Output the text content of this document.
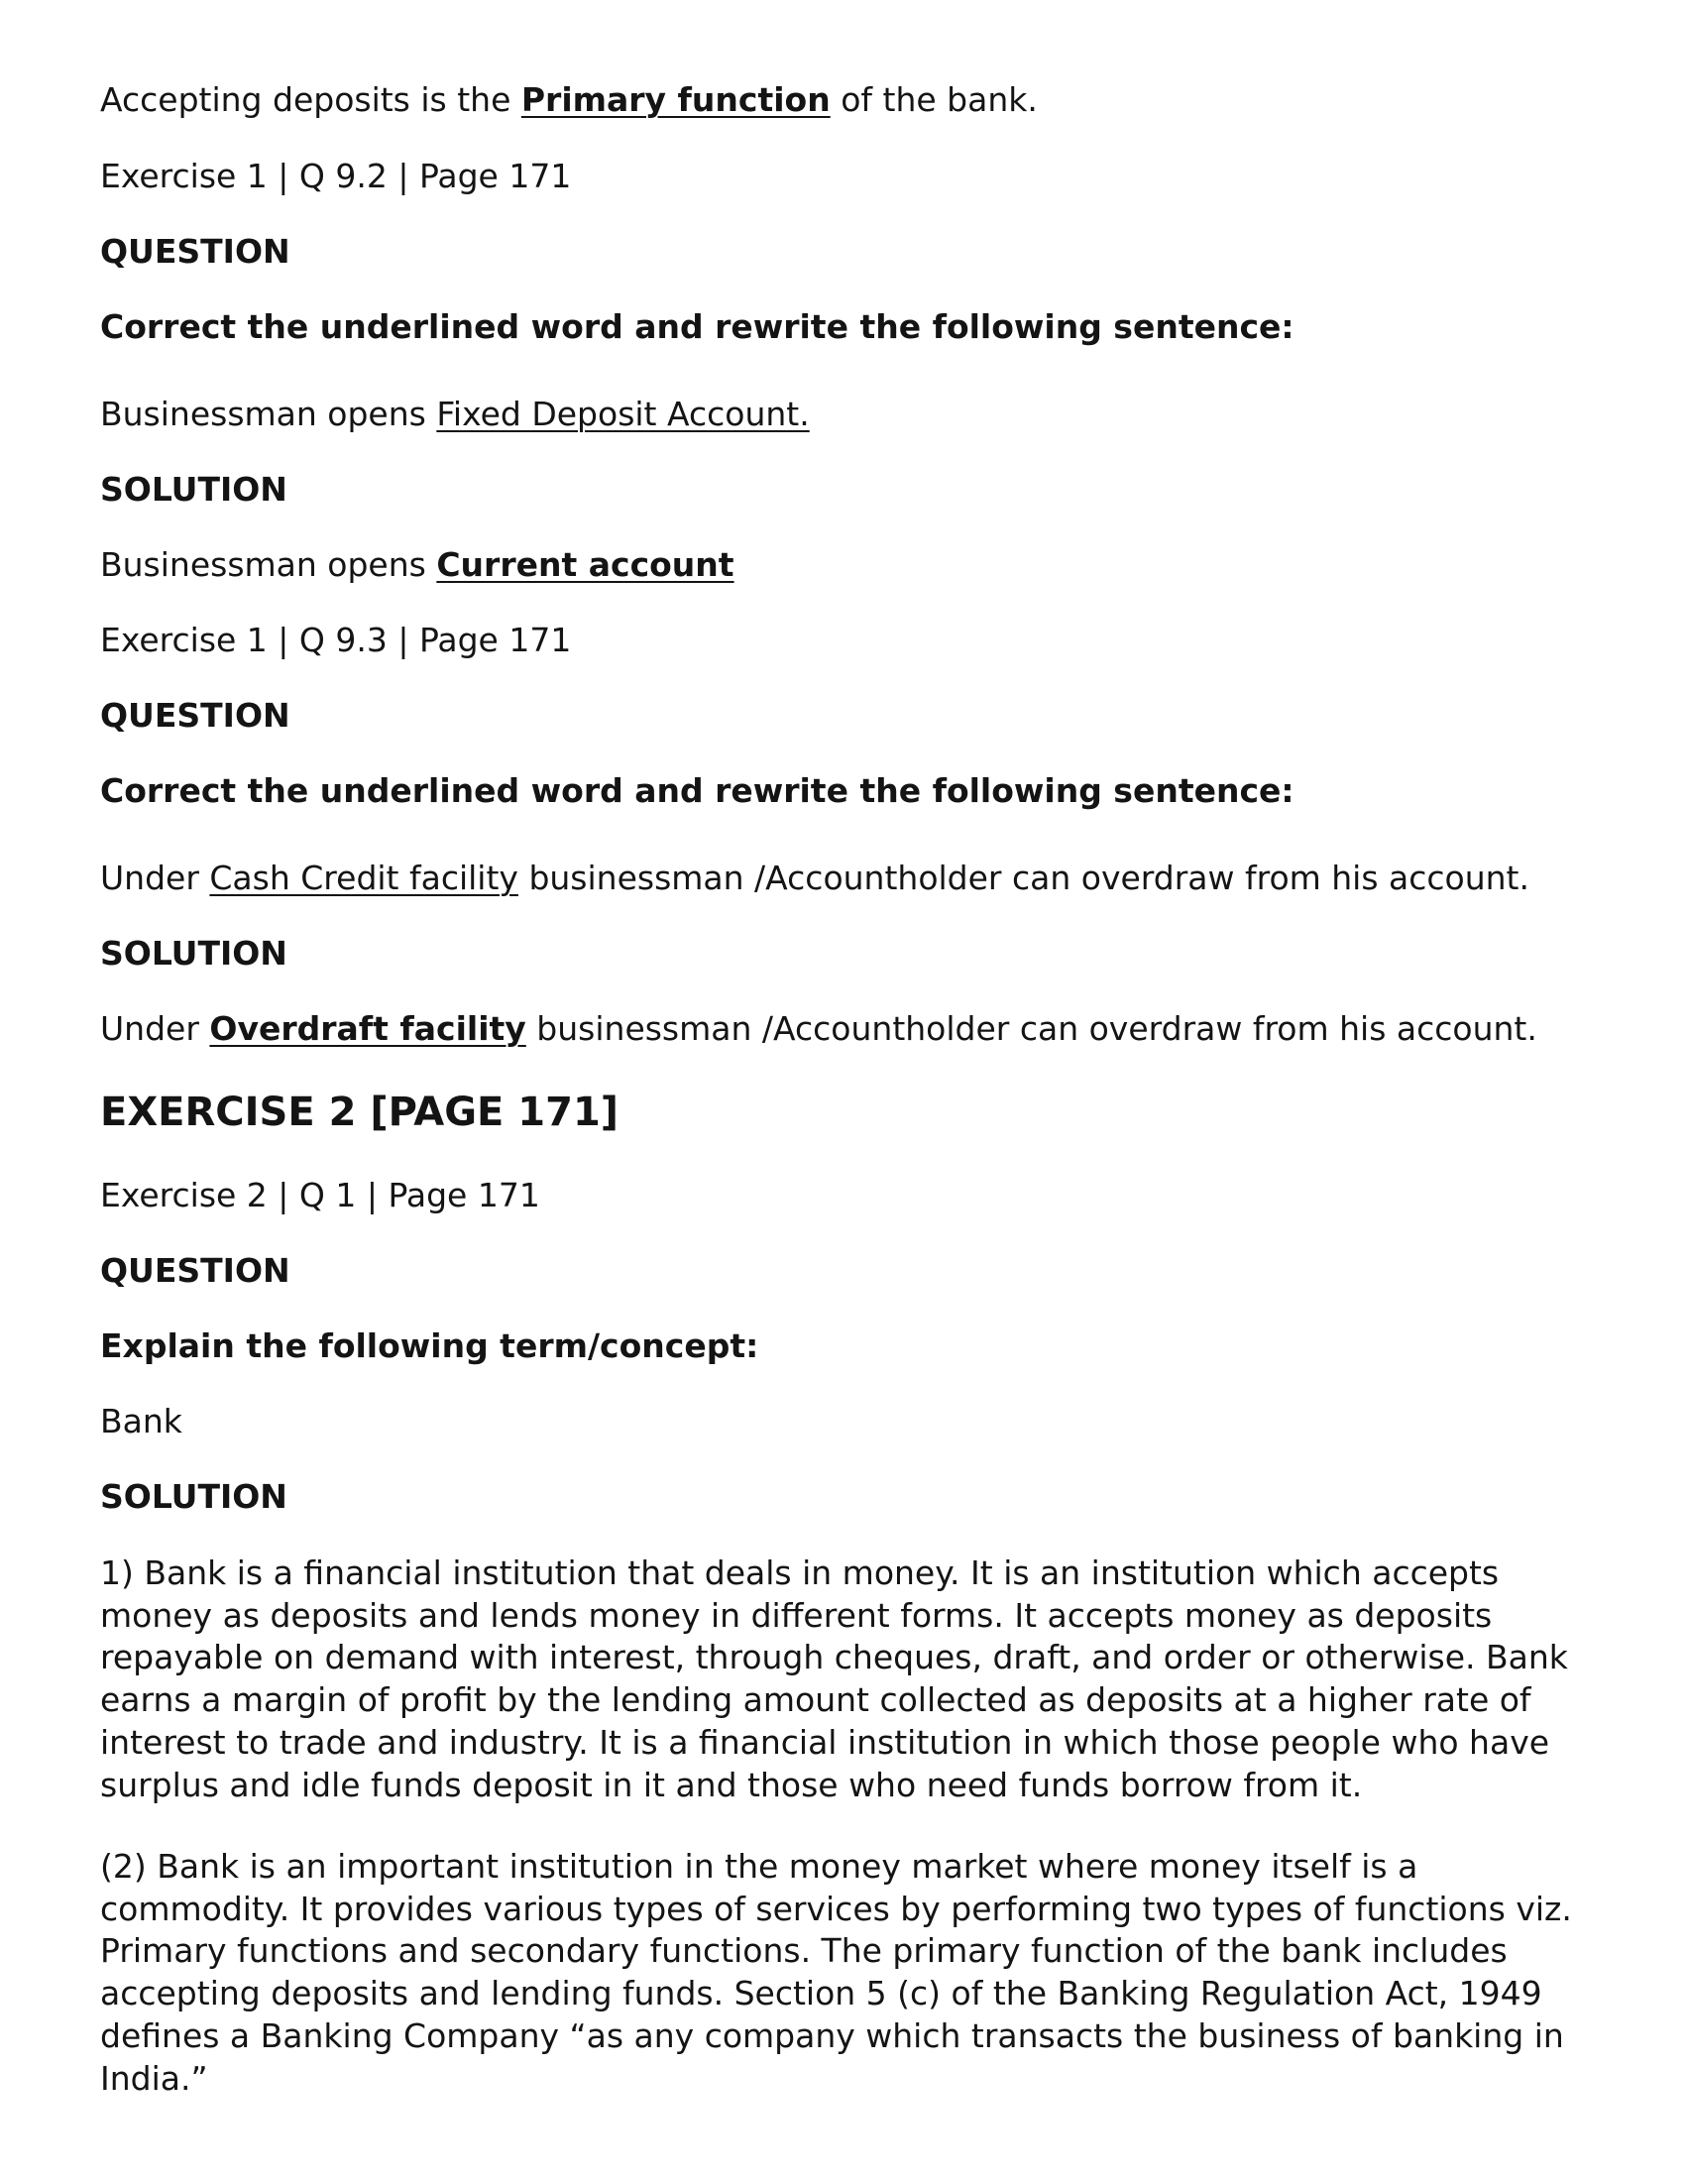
Accepting deposits is the Primary function of the bank.

Exercise 1 | Q 9.2 | Page 171

QUESTION

Correct the underlined word and rewrite the following sentence:

Businessman opens Fixed Deposit Account.

SOLUTION

Businessman opens Current account

Exercise 1 | Q 9.3 | Page 171

QUESTION

Correct the underlined word and rewrite the following sentence:

Under Cash Credit facility businessman /Accountholder can overdraw from his account.

SOLUTION

Under Overdraft facility businessman /Accountholder can overdraw from his account.

EXERCISE 2 [PAGE 171]

Exercise 2 | Q 1 | Page 171

QUESTION

Explain the following term/concept:

Bank

SOLUTION

1) Bank is a financial institution that deals in money. It is an institution which accepts money as deposits and lends money in different forms. It accepts money as deposits repayable on demand with interest, through cheques, draft, and order or otherwise. Bank earns a margin of profit by the lending amount collected as deposits at a higher rate of interest to trade and industry. It is a financial institution in which those people who have surplus and idle funds deposit in it and those who need funds borrow from it.

(2) Bank is an important institution in the money market where money itself is a commodity. It provides various types of services by performing two types of functions viz. Primary functions and secondary functions. The primary function of the bank includes accepting deposits and lending funds. Section 5 (c) of the Banking Regulation Act, 1949 defines a Banking Company “as any company which transacts the business of banking in India.”
